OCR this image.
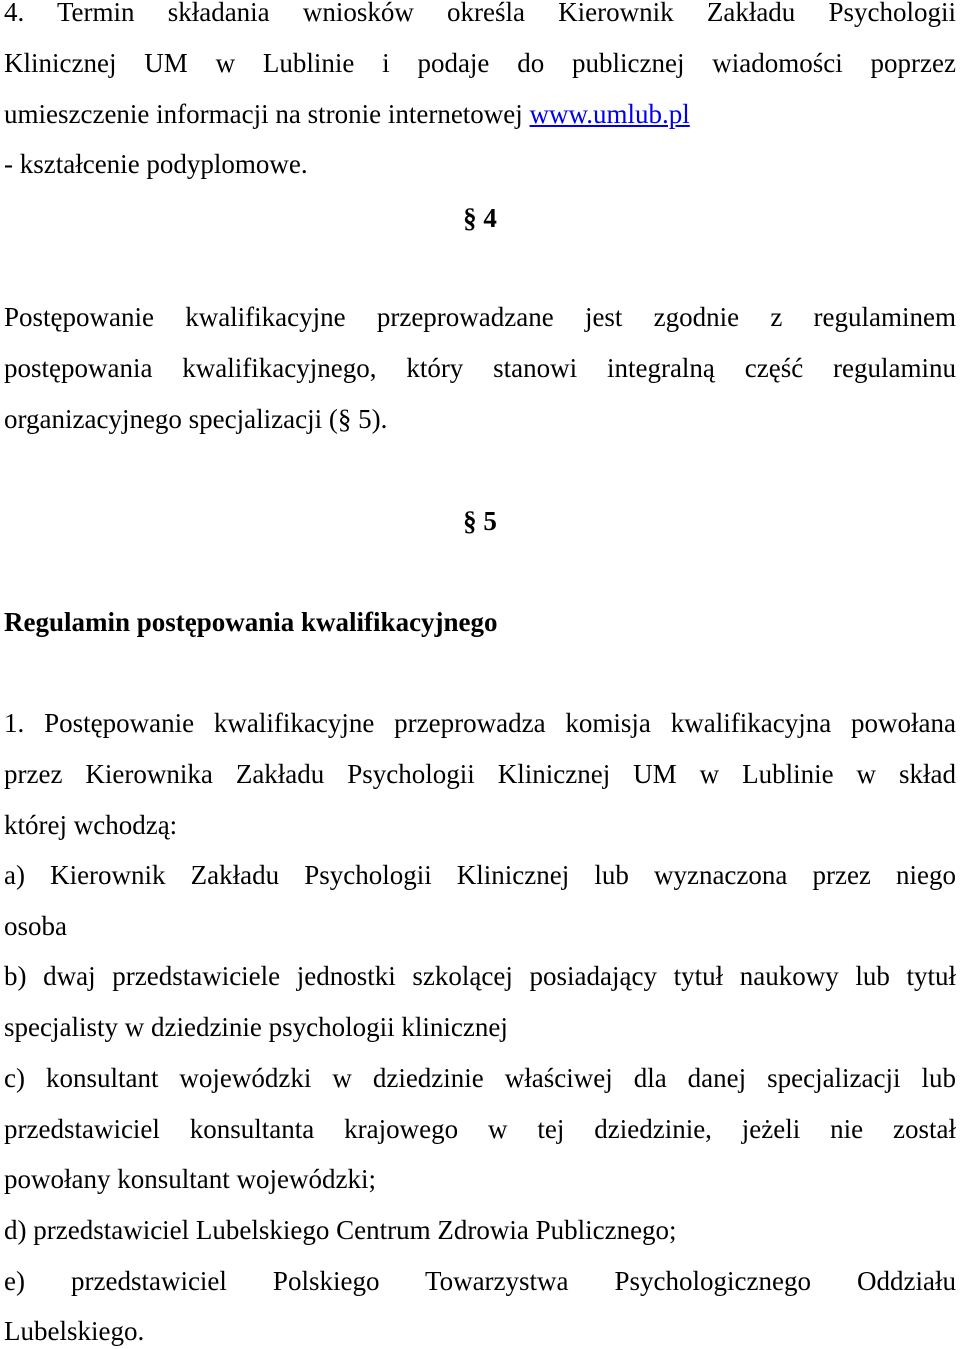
4. Termin składania wniosków określa Kierownik Zakładu Psychologii
Klinicznej UM w Lublinie i podaje do publicznej wiadomości poprzez
umieszczenie informacji na stronie internetowej www.umlub.pl
- kształcenie podyplomowe.
§ 4
Postępowanie kwalifikacyjne przeprowadzane jest zgodnie z regulaminem
postępowania kwalifikacyjnego, który stanowi integralną część regulaminu
organizacyjnego specjalizacji (§ 5).
§ 5
Regulamin postępowania kwalifikacyjnego
1. Postępowanie kwalifikacyjne przeprowadza komisja kwalifikacyjna powołana
przez Kierownika Zakładu Psychologii Klinicznej UM w Lublinie w skład
której wchodzą:
a) Kierownik Zakładu Psychologii Klinicznej lub wyznaczona przez niego
osoba
b) dwaj przedstawiciele jednostki szkolącej posiadający tytuł naukowy lub tytuł
specjalisty w dziedzinie psychologii klinicznej
c) konsultant wojewódzki w dziedzinie właściwej dla danej specjalizacji lub
przedstawiciel konsultanta krajowego w tej dziedzinie, jeżeli nie został
powołany konsultant wojewódzki;
d) przedstawiciel Lubelskiego Centrum Zdrowia Publicznego;
e) przedstawiciel Polskiego Towarzystwa Psychologicznego Oddziału
Lubelskiego.
